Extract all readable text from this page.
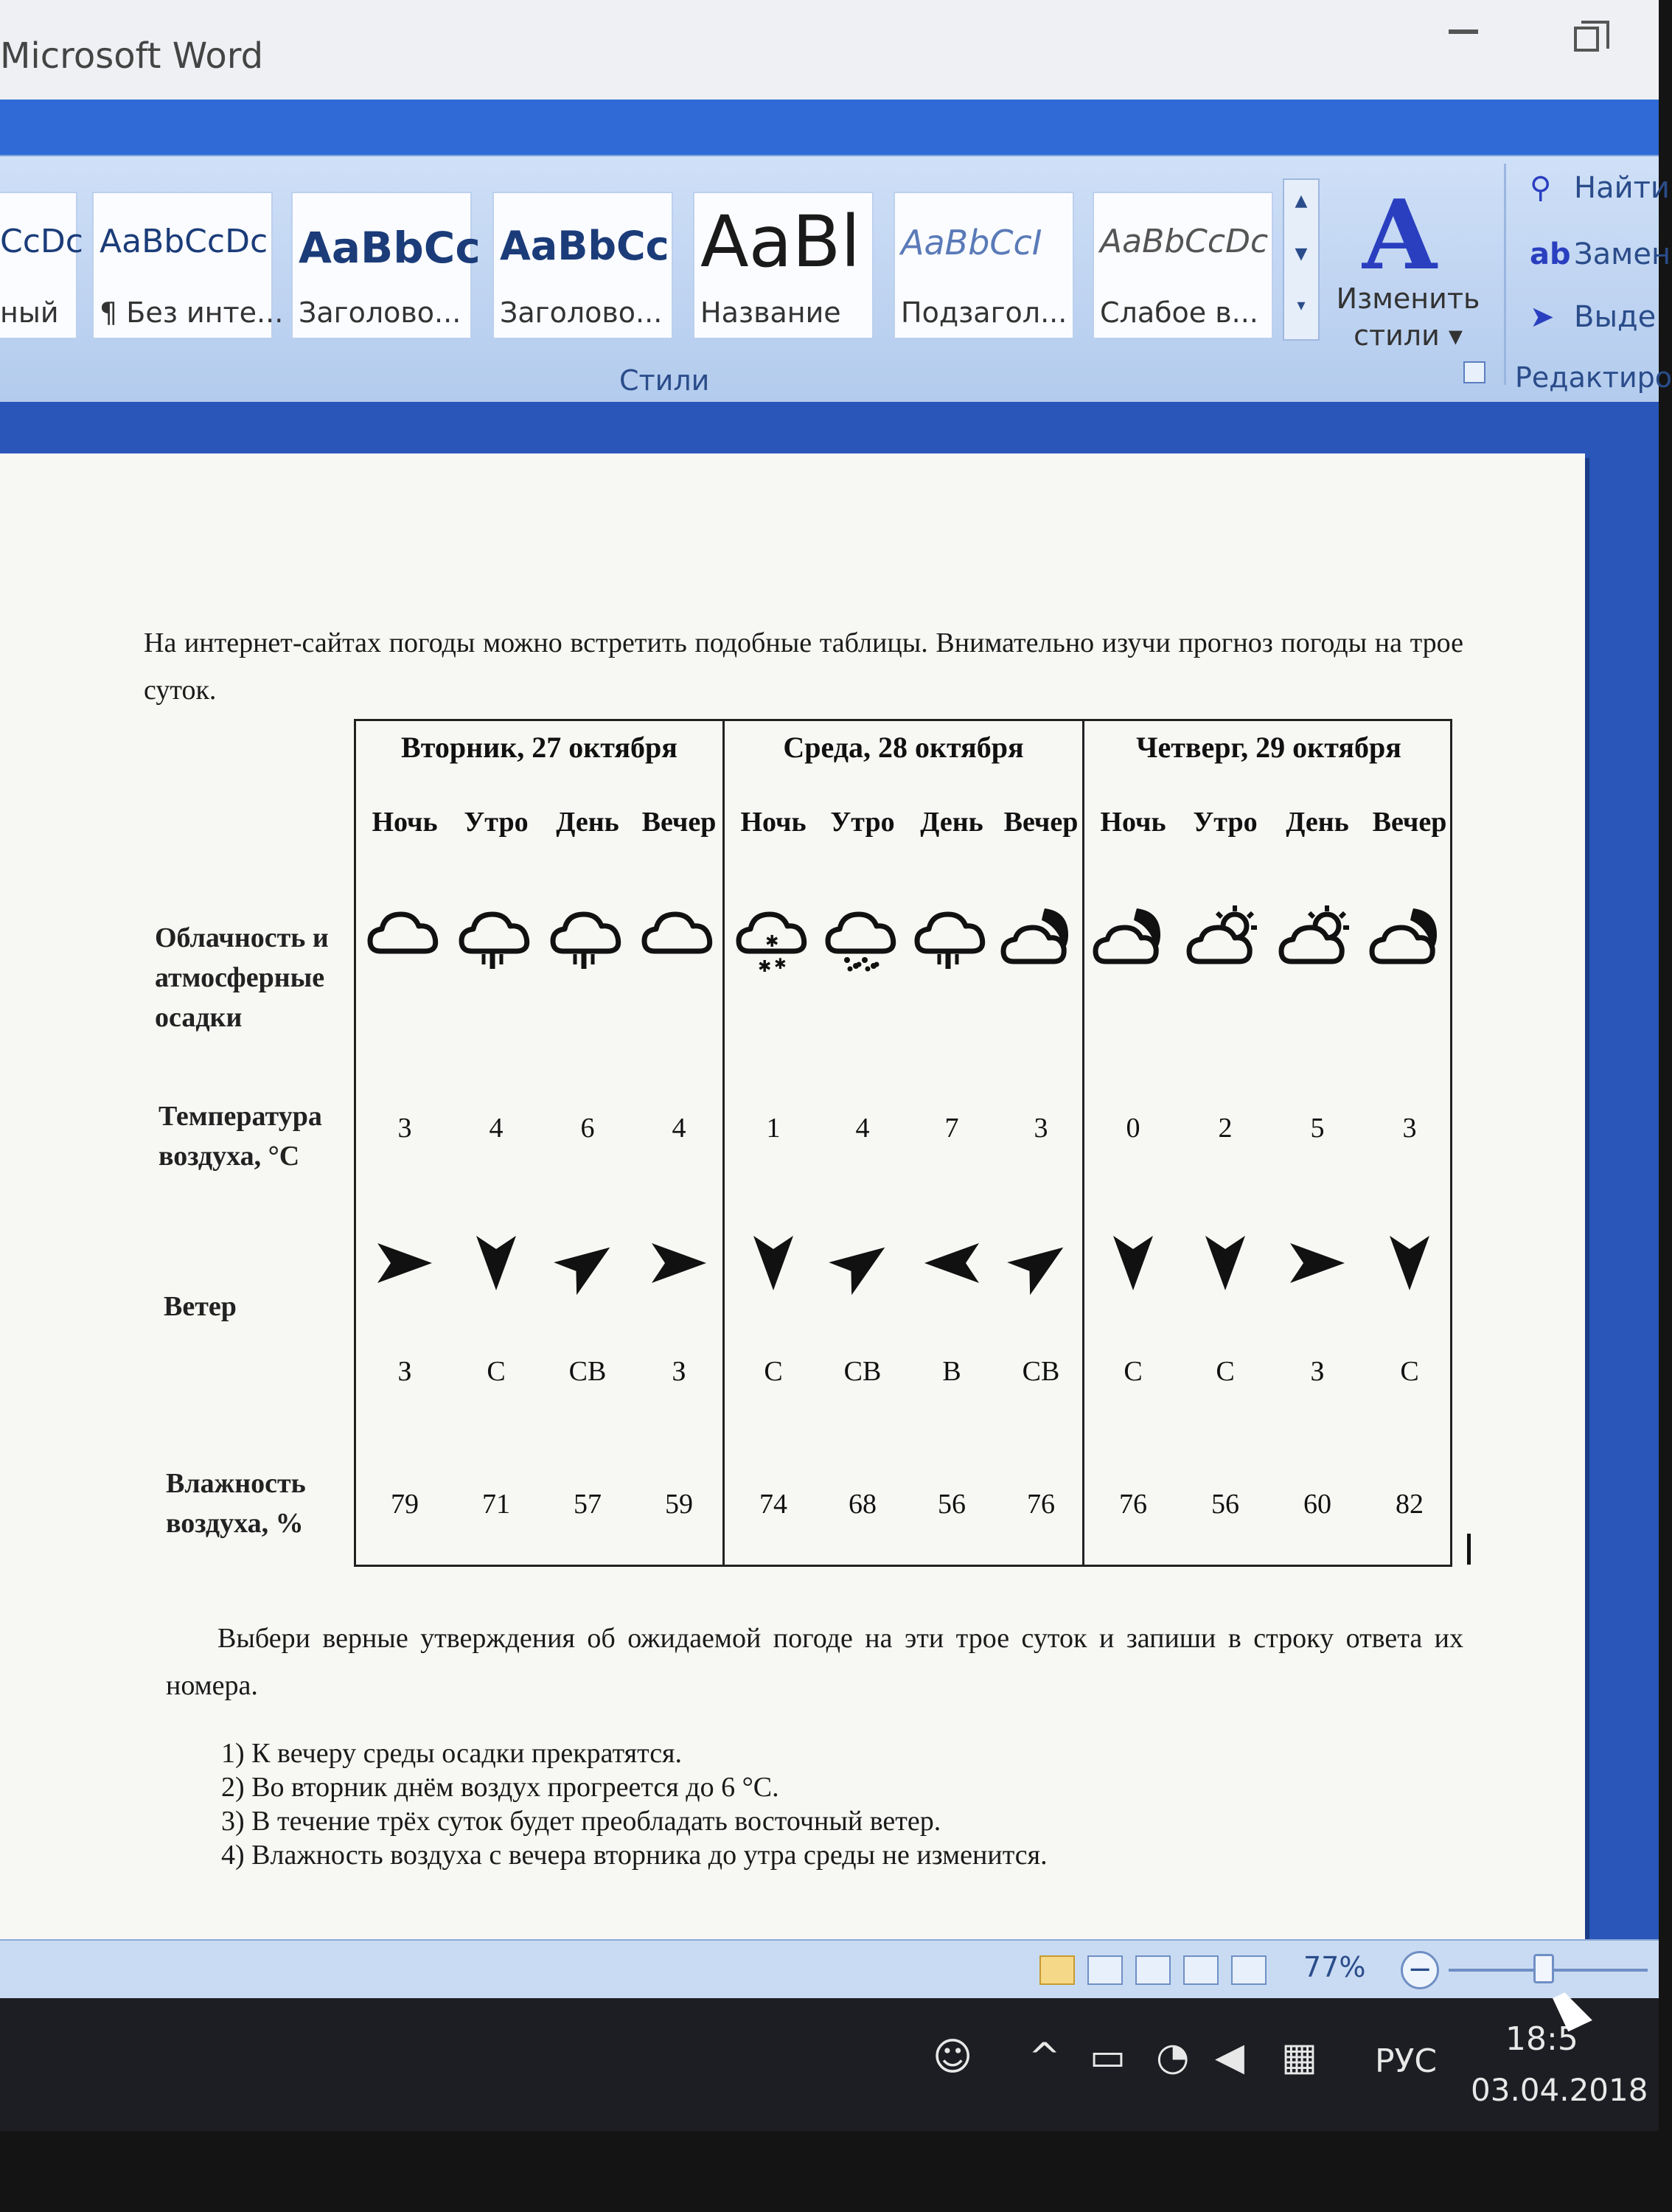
Microsoft Word
CcDc
ный
AaBbCcDc
¶ Без инте...
AaBbCc
Заголово...
AaBbCc
Заголово...
AaBl
Название
AaBbCcI
Подзагол...
AaBbCcDc
Слабое в...
▲
▼
▾
A
Изменить
стили ▾
Стили
⚲ Найти
ab Замен
➤ Выде
Редактиро

На интернет-сайтах погоды можно встретить подобные таблицы. Внимательно изучи прогноз погоды на трое суток.

Облачность и
атмосферные
осадки
Температура
воздуха, °С
Ветер
Влажность
воздуха, %
Вторник, 27 октября	Среда, 28 октября	Четверг, 29 октября
Ночь
3
З
79
Утро
4
С
71
День
6
СВ
57
Вечер
4
З
59
Ночь
✱ ✱
✱
1
С
74
Утро
4
СВ
68
День
7
В
56
Вечер
3
СВ
76
Ночь
0
С
76
Утро
2
С
56
День
5
З
60
Вечер
3
С
82

Выбери верные утверждения об ожидаемой погоде на эти трое суток и запиши в строку ответа их номера.

1) К вечеру среды осадки прекратятся.
2) Во вторник днём воздух прогреется до 6 °С.
3) В течение трёх суток будет преобладать восточный ветер.
4) Влажность воздуха с вечера вторника до утра среды не изменится.
77% −
☺ ^ ▭ ◔ ◀ ▦ РУС
18:5
03.04.2018
